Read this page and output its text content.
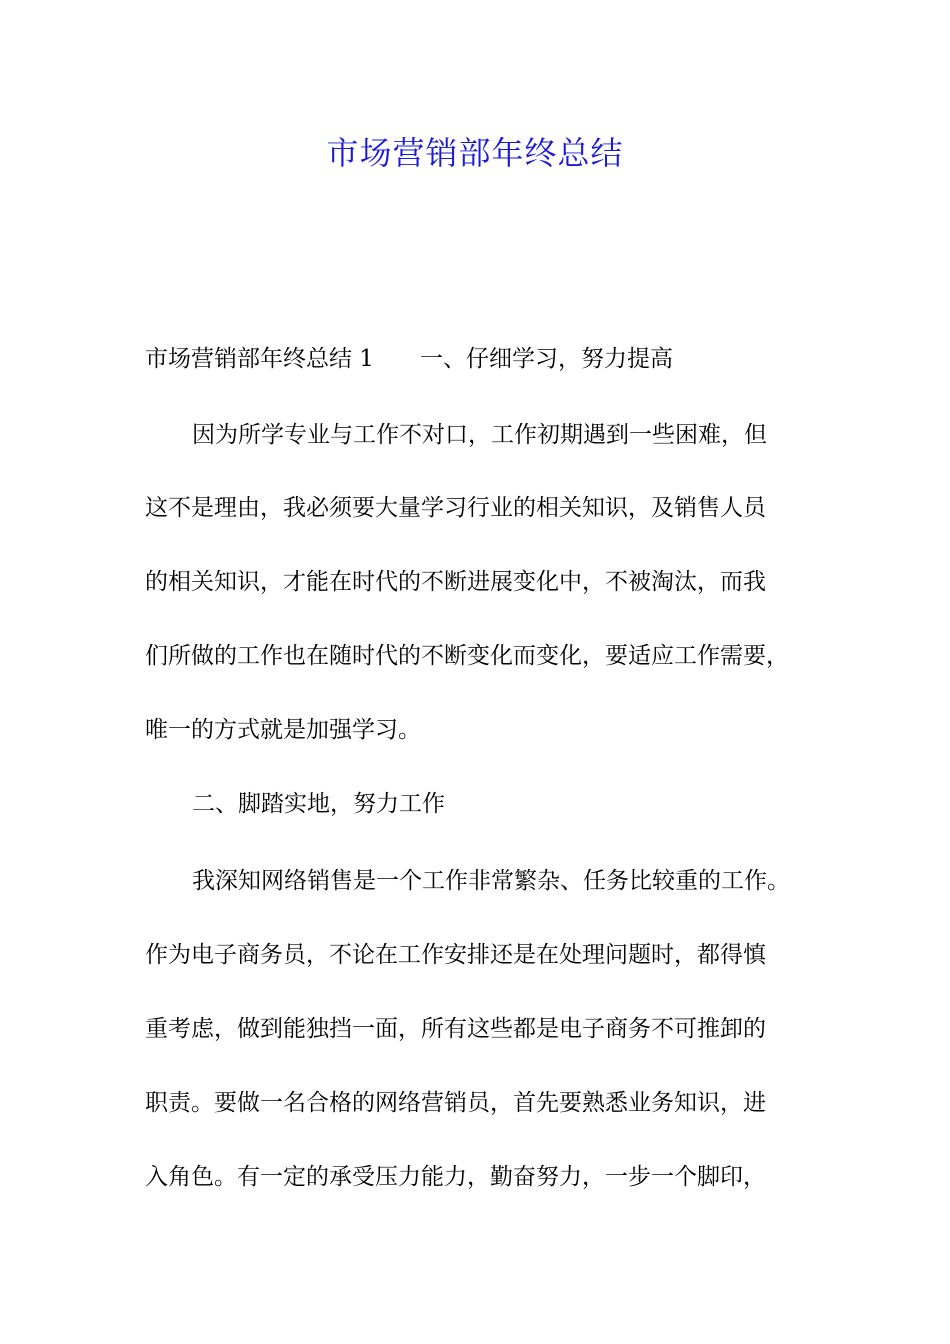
市场营销部年终总结

市场营销部年终总结 1 一、仔细学习，努力提高

因为所学专业与工作不对口，工作初期遇到一些困难，但

这不是理由，我必须要大量学习行业的相关知识，及销售人员

的相关知识，才能在时代的不断进展变化中，不被淘汰，而我

们所做的工作也在随时代的不断变化而变化，要适应工作需要，

唯一的方式就是加强学习。

二、脚踏实地，努力工作

我深知网络销售是一个工作非常繁杂、任务比较重的工作。

作为电子商务员，不论在工作安排还是在处理问题时，都得慎

重考虑，做到能独挡一面，所有这些都是电子商务不可推卸的

职责。要做一名合格的网络营销员，首先要熟悉业务知识，进

入角色。有一定的承受压力能力，勤奋努力，一步一个脚印，
